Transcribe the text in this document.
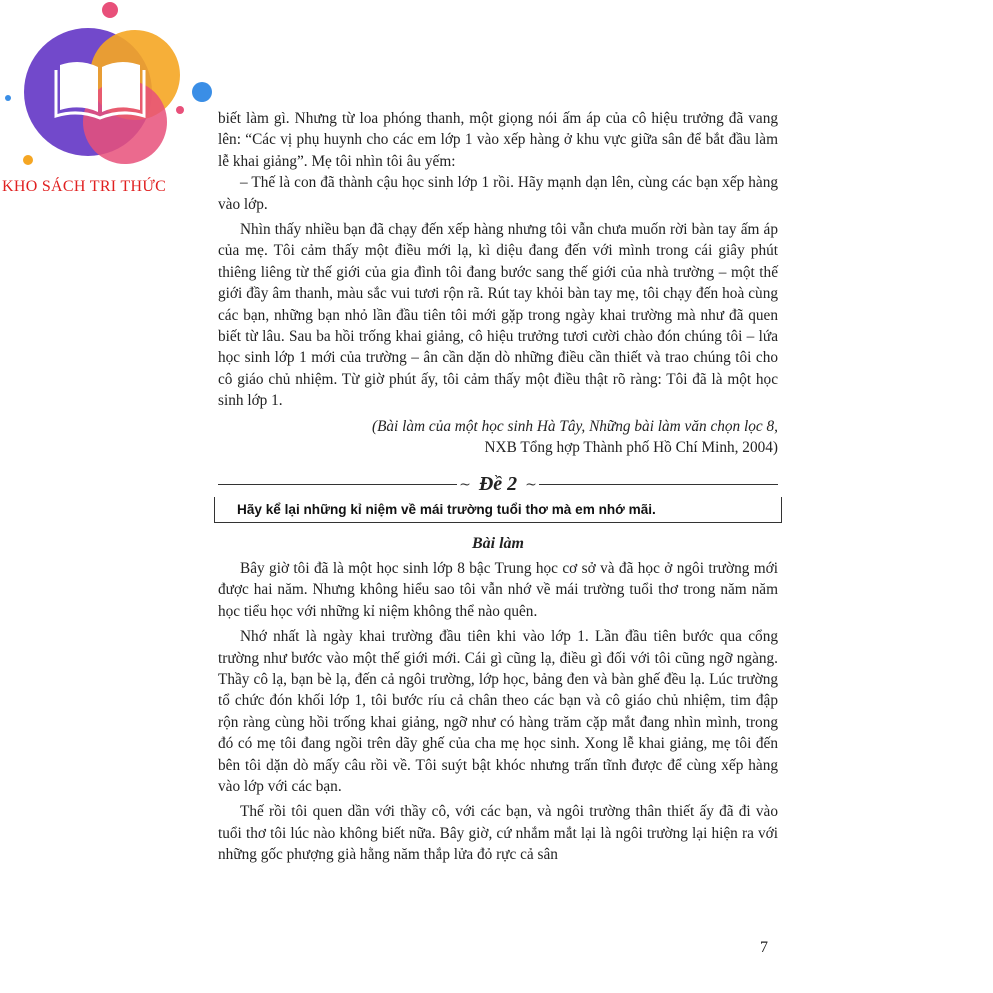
KHO SÁCH TRI THỨC

biết làm gì. Nhưng từ loa phóng thanh, một giọng nói ấm áp của cô hiệu trưởng đã vang lên: “Các vị phụ huynh cho các em lớp 1 vào xếp hàng ở khu vực giữa sân để bắt đầu làm lễ khai giảng”. Mẹ tôi nhìn tôi âu yếm:

– Thế là con đã thành cậu học sinh lớp 1 rồi. Hãy mạnh dạn lên, cùng các bạn xếp hàng vào lớp.

Nhìn thấy nhiều bạn đã chạy đến xếp hàng nhưng tôi vẫn chưa muốn rời bàn tay ấm áp của mẹ. Tôi cảm thấy một điều mới lạ, kì diệu đang đến với mình trong cái giây phút thiêng liêng từ thế giới của gia đình tôi đang bước sang thế giới của nhà trường – một thế giới đầy âm thanh, màu sắc vui tươi rộn rã. Rút tay khỏi bàn tay mẹ, tôi chạy đến hoà cùng các bạn, những bạn nhỏ lần đầu tiên tôi mới gặp trong ngày khai trường mà như đã quen biết từ lâu. Sau ba hồi trống khai giảng, cô hiệu trưởng tươi cười chào đón chúng tôi – lứa học sinh lớp 1 mới của trường – ân cần dặn dò những điều cần thiết và trao chúng tôi cho cô giáo chủ nhiệm. Từ giờ phút ấy, tôi cảm thấy một điều thật rõ ràng: Tôi đã là một học sinh lớp 1.

(Bài làm của một học sinh Hà Tây, Những bài làm văn chọn lọc 8,

NXB Tổng hợp Thành phố Hồ Chí Minh, 2004)

~ Đề 2 ~
Hãy kể lại những kỉ niệm về mái trường tuổi thơ mà em nhớ mãi.

Bài làm

Bây giờ tôi đã là một học sinh lớp 8 bậc Trung học cơ sở và đã học ở ngôi trường mới được hai năm. Nhưng không hiểu sao tôi vẫn nhớ về mái trường tuổi thơ trong năm năm học tiểu học với những kỉ niệm không thể nào quên.

Nhớ nhất là ngày khai trường đầu tiên khi vào lớp 1. Lần đầu tiên bước qua cổng trường như bước vào một thế giới mới. Cái gì cũng lạ, điều gì đối với tôi cũng ngỡ ngàng. Thầy cô lạ, bạn bè lạ, đến cả ngôi trường, lớp học, bảng đen và bàn ghế đều lạ. Lúc trường tổ chức đón khối lớp 1, tôi bước ríu cả chân theo các bạn và cô giáo chủ nhiệm, tim đập rộn ràng cùng hồi trống khai giảng, ngỡ như có hàng trăm cặp mắt đang nhìn mình, trong đó có mẹ tôi đang ngồi trên dãy ghế của cha mẹ học sinh. Xong lễ khai giảng, mẹ tôi đến bên tôi dặn dò mấy câu rồi về. Tôi suýt bật khóc nhưng trấn tĩnh được để cùng xếp hàng vào lớp với các bạn.

Thế rồi tôi quen dần với thầy cô, với các bạn, và ngôi trường thân thiết ấy đã đi vào tuổi thơ tôi lúc nào không biết nữa. Bây giờ, cứ nhắm mắt lại là ngôi trường lại hiện ra với những gốc phượng già hằng năm thắp lửa đỏ rực cả sân

7
